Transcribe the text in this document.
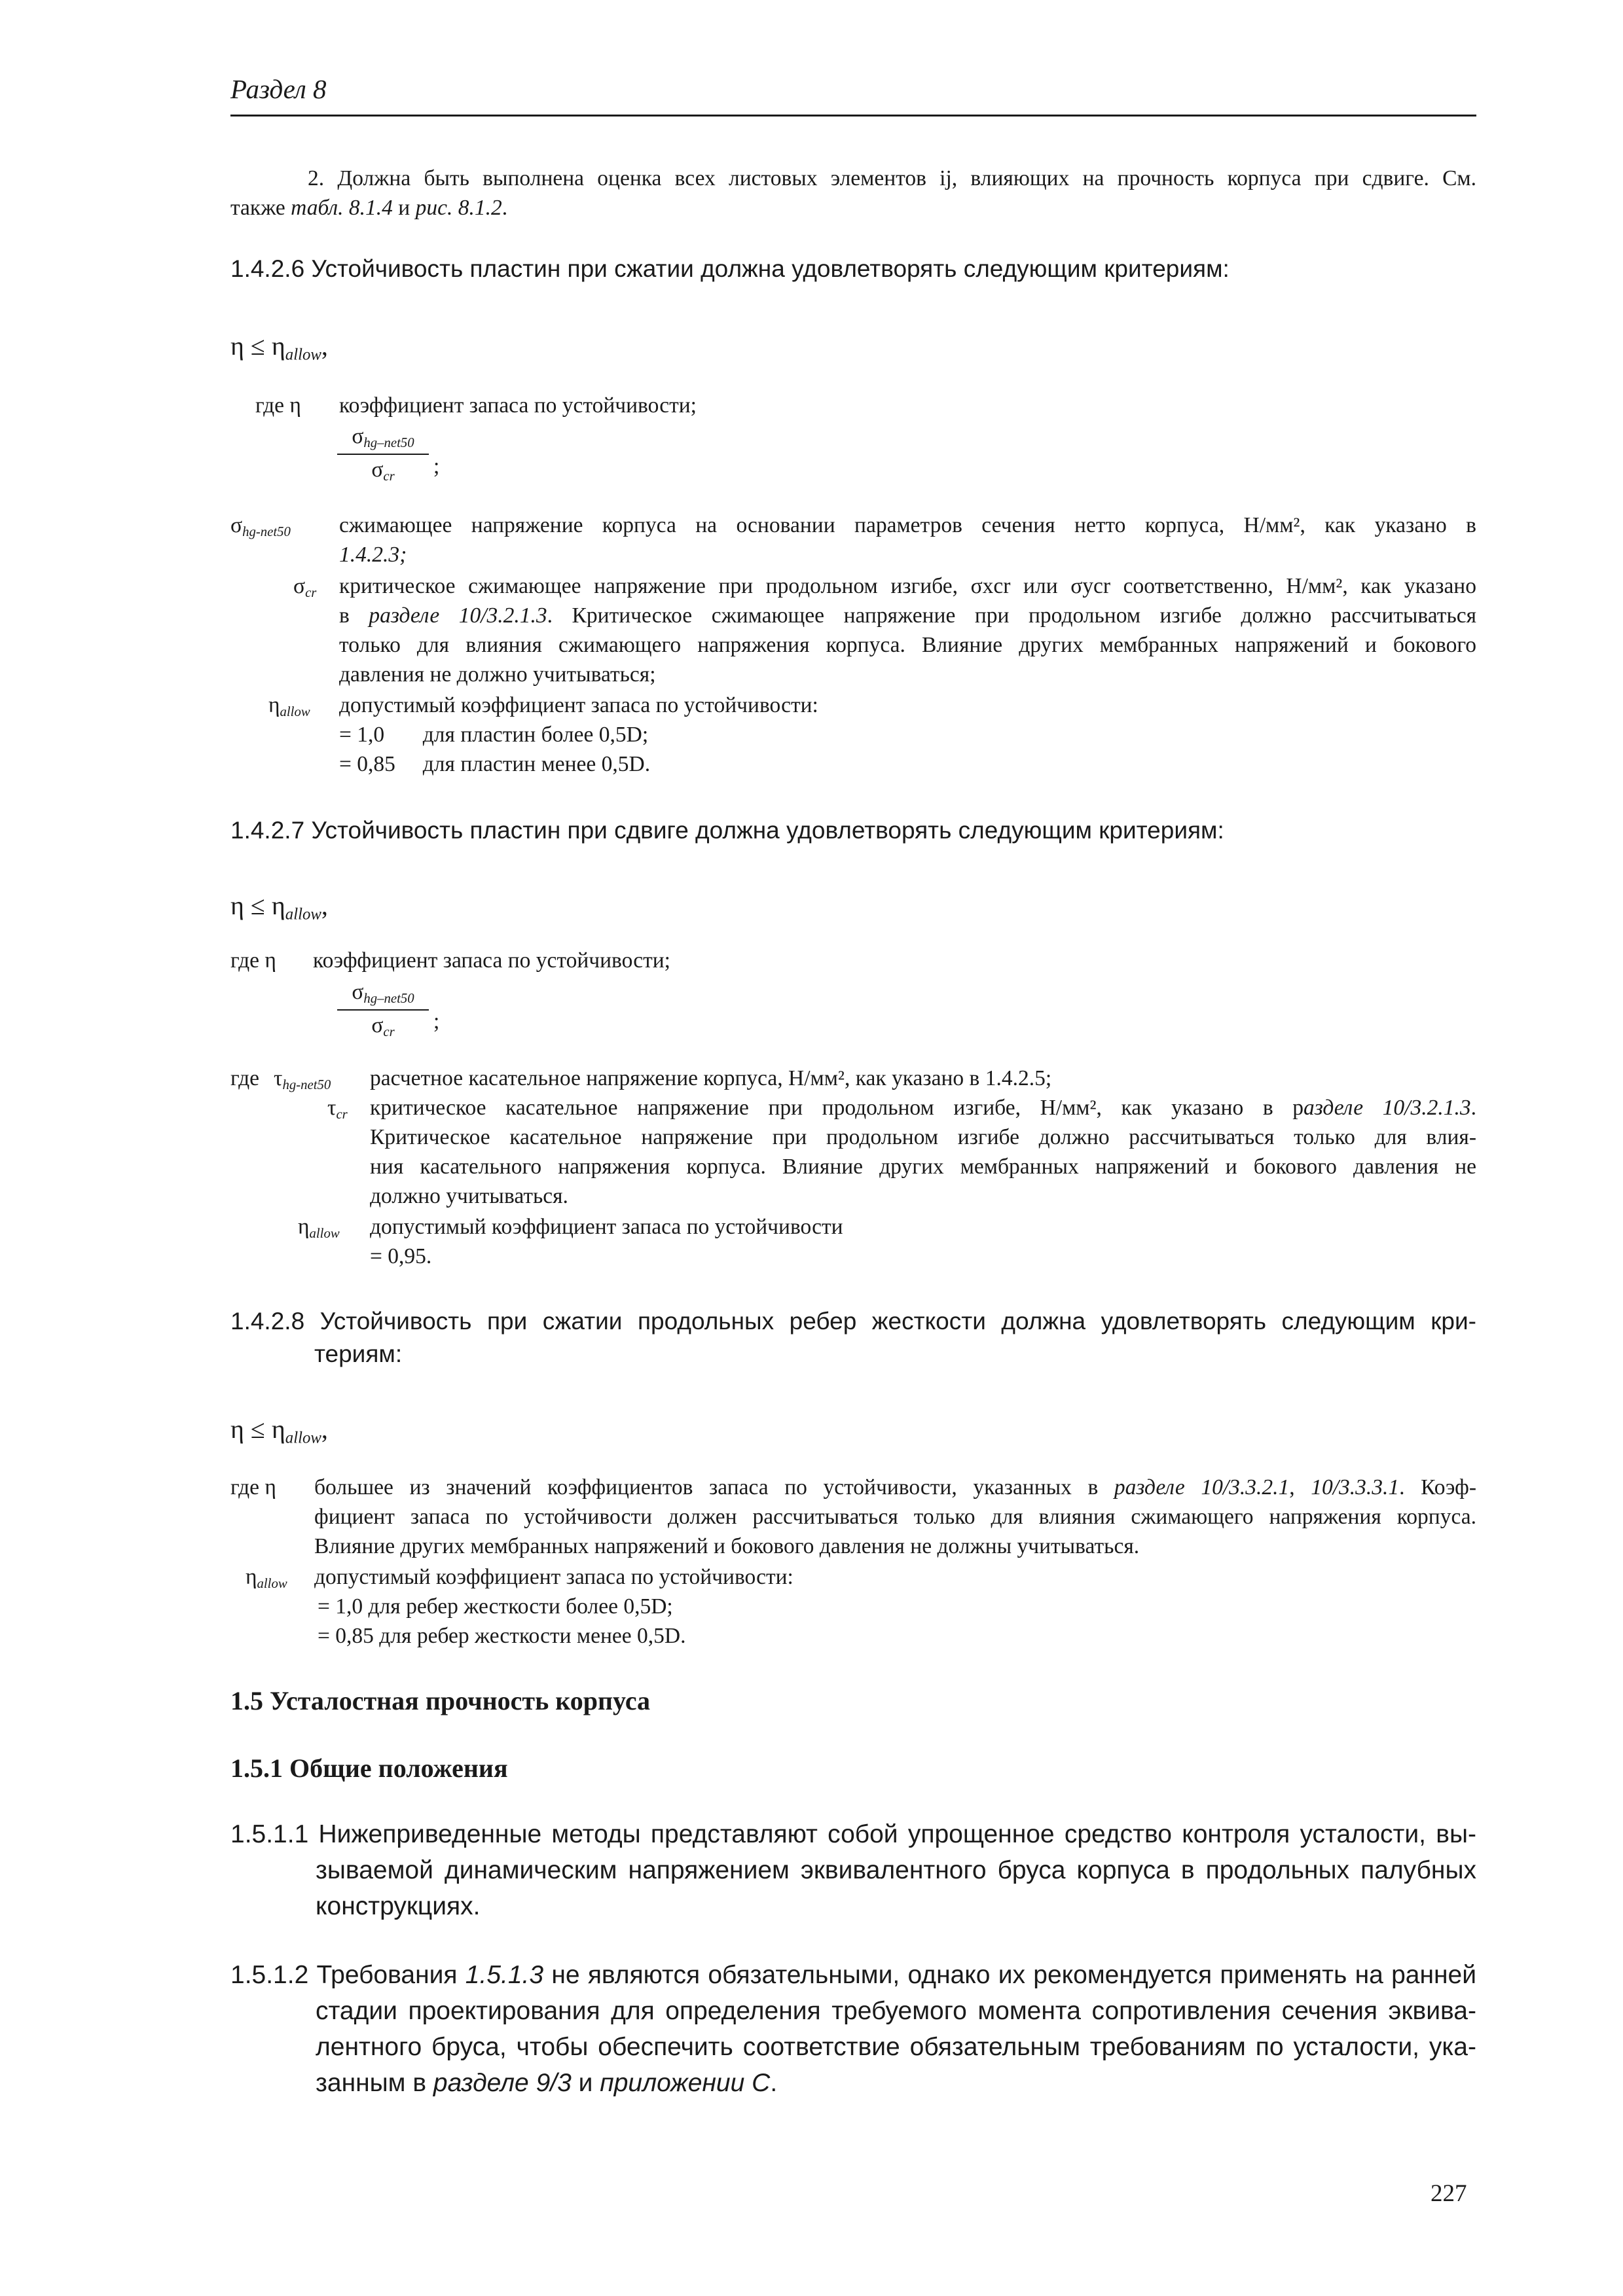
Раздел 8
2. Должна быть выполнена оценка всех листовых элементов ij, влияющих на прочность корпуса при сдвиге. См.
также табл. 8.1.4 и рис. 8.1.2.
1.4.2.6 Устойчивость пластин при сжатии должна удовлетворять следующим критериям:
$\eta \le \eta_{allow}$,
где η коэффициент запаса по устойчивости;
$\sigma_{hg-net50}$
$\sigma_{cr}$	;
$\sigma_{hg-net50}$ сжимающее напряжение корпуса на основании параметров сечения нетто корпуса, Н/мм², как указано в
1.4.2.3;
$\sigma_{cr}$ критическое сжимающее напряжение при продольном изгибе, σxcr или σycr соответственно, Н/мм², как указано
в разделе 10/3.2.1.3. Критическое сжимающее напряжение при продольном изгибе должно рассчитываться
только для влияния сжимающего напряжения корпуса. Влияние других мембранных напряжений и бокового
давления не должно учитываться;
$\eta_{allow}$ допустимый коэффициент запаса по устойчивости:
= 1,0       для пластин более 0,5D;
= 0,85     для пластин менее 0,5D.
1.4.2.7 Устойчивость пластин при сдвиге должна удовлетворять следующим критериям:
$\eta \le \eta_{allow}$,
где η коэффициент запаса по устойчивости;
$\sigma_{hg-net50}$
$\sigma_{cr}$	;
где $\tau_{hg-net50}$ расчетное касательное напряжение корпуса, Н/мм², как указано в 1.4.2.5;
$\tau_{cr}$ критическое касательное напряжение при продольном изгибе, Н/мм², как указано в разделе 10/3.2.1.3.
Критическое касательное напряжение при продольном изгибе должно рассчитываться только для влия-
ния касательного напряжения корпуса. Влияние других мембранных напряжений и бокового давления не
должно учитываться.
$\eta_{allow}$ допустимый коэффициент запаса по устойчивости
= 0,95.
1.4.2.8 Устойчивость при сжатии продольных ребер жесткости должна удовлетворять следующим кри-
териям:
$\eta \le \eta_{allow}$,
где η большее из значений коэффициентов запаса по устойчивости, указанных в разделе 10/3.3.2.1, 10/3.3.3.1. Коэф-
фициент запаса по устойчивости должен рассчитываться только для влияния сжимающего напряжения корпуса.
Влияние других мембранных напряжений и бокового давления не должны учитываться.
$\eta_{allow}$ допустимый коэффициент запаса по устойчивости:
= 1,0 для ребер жесткости более 0,5D;
= 0,85 для ребер жесткости менее 0,5D.
1.5 Усталостная прочность корпуса
1.5.1 Общие положения
1.5.1.1 Нижеприведенные методы представляют собой упрощенное средство контроля усталости, вы-
зываемой динамическим напряжением эквивалентного бруса корпуса в продольных палубных
конструкциях.
1.5.1.2 Требования 1.5.1.3 не являются обязательными, однако их рекомендуется применять на ранней
стадии проектирования для определения требуемого момента сопротивления сечения эквива-
лентного бруса, чтобы обеспечить соответствие обязательным требованиям по усталости, ука-
занным в разделе 9/3 и приложении С.
227
